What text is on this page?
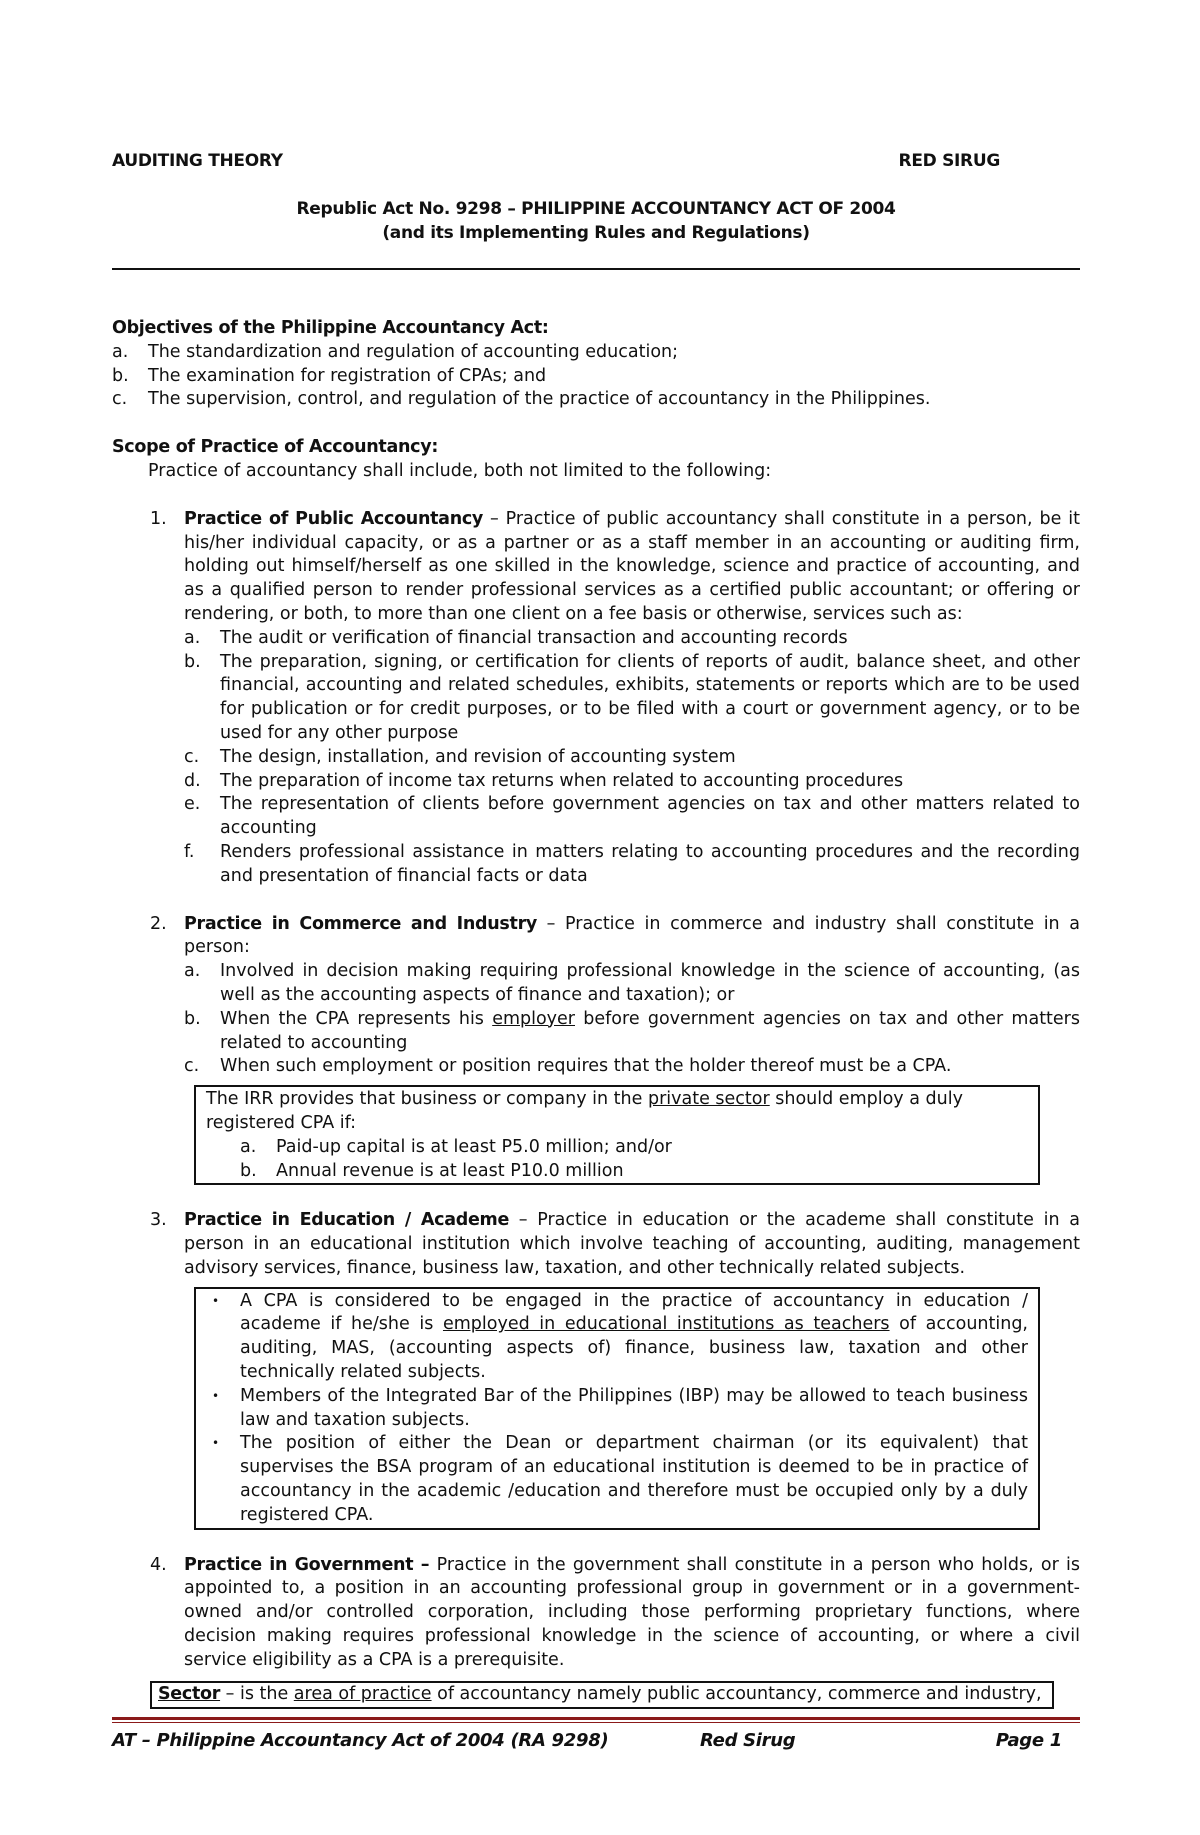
AUDITING THEORY	RED SIRUG
Republic Act No. 9298 – PHILIPPINE ACCOUNTANCY ACT OF 2004
(and its Implementing Rules and Regulations)
Objectives of the Philippine Accountancy Act:
a. The standardization and regulation of accounting education;
b. The examination for registration of CPAs; and
c. The supervision, control, and regulation of the practice of accountancy in the Philippines.
Scope of Practice of Accountancy:

Practice of accountancy shall include, both not limited to the following:

1. Practice of Public Accountancy – Practice of public accountancy shall constitute in a person, be it his/her individual capacity, or as a partner or as a staff member in an accounting or auditing firm, holding out himself/herself as one skilled in the knowledge, science and practice of accounting, and as a qualified person to render professional services as a certified public accountant; or offering or rendering, or both, to more than one client on a fee basis or otherwise, services such as:
a. The audit or verification of financial transaction and accounting records
b. The preparation, signing, or certification for clients of reports of audit, balance sheet, and other financial, accounting and related schedules, exhibits, statements or reports which are to be used for publication or for credit purposes, or to be filed with a court or government agency, or to be used for any other purpose
c. The design, installation, and revision of accounting system
d. The preparation of income tax returns when related to accounting procedures
e. The representation of clients before government agencies on tax and other matters related to accounting
f. Renders professional assistance in matters relating to accounting procedures and the recording and presentation of financial facts or data
2. Practice in Commerce and Industry – Practice in commerce and industry shall constitute in a person:
a. Involved in decision making requiring professional knowledge in the science of accounting, (as well as the accounting aspects of finance and taxation); or
b. When the CPA represents his employer before government agencies on tax and other matters related to accounting
c. When such employment or position requires that the holder thereof must be a CPA.
The IRR provides that business or company in the private sector should employ a duly registered CPA if:
a. Paid-up capital is at least P5.0 million; and/or
b. Annual revenue is at least P10.0 million
3. Practice in Education / Academe – Practice in education or the academe shall constitute in a person in an educational institution which involve teaching of accounting, auditing, management advisory services, finance, business law, taxation, and other technically related subjects.
• A CPA is considered to be engaged in the practice of accountancy in education / academe if he/she is employed in educational institutions as teachers of accounting, auditing, MAS, (accounting aspects of) finance, business law, taxation and other technically related subjects.
• Members of the Integrated Bar of the Philippines (IBP) may be allowed to teach business law and taxation subjects.
• The position of either the Dean or department chairman (or its equivalent) that supervises the BSA program of an educational institution is deemed to be in practice of accountancy in the academic /education and therefore must be occupied only by a duly registered CPA.
4. Practice in Government – Practice in the government shall constitute in a person who holds, or is appointed to, a position in an accounting professional group in government or in a government-owned and/or controlled corporation, including those performing proprietary functions, where decision making requires professional knowledge in the science of accounting, or where a civil service eligibility as a CPA is a prerequisite.
Sector – is the area of practice of accountancy namely public accountancy, commerce and industry,
AT – Philippine Accountancy Act of 2004 (RA 9298)	Red Sirug	Page 1
